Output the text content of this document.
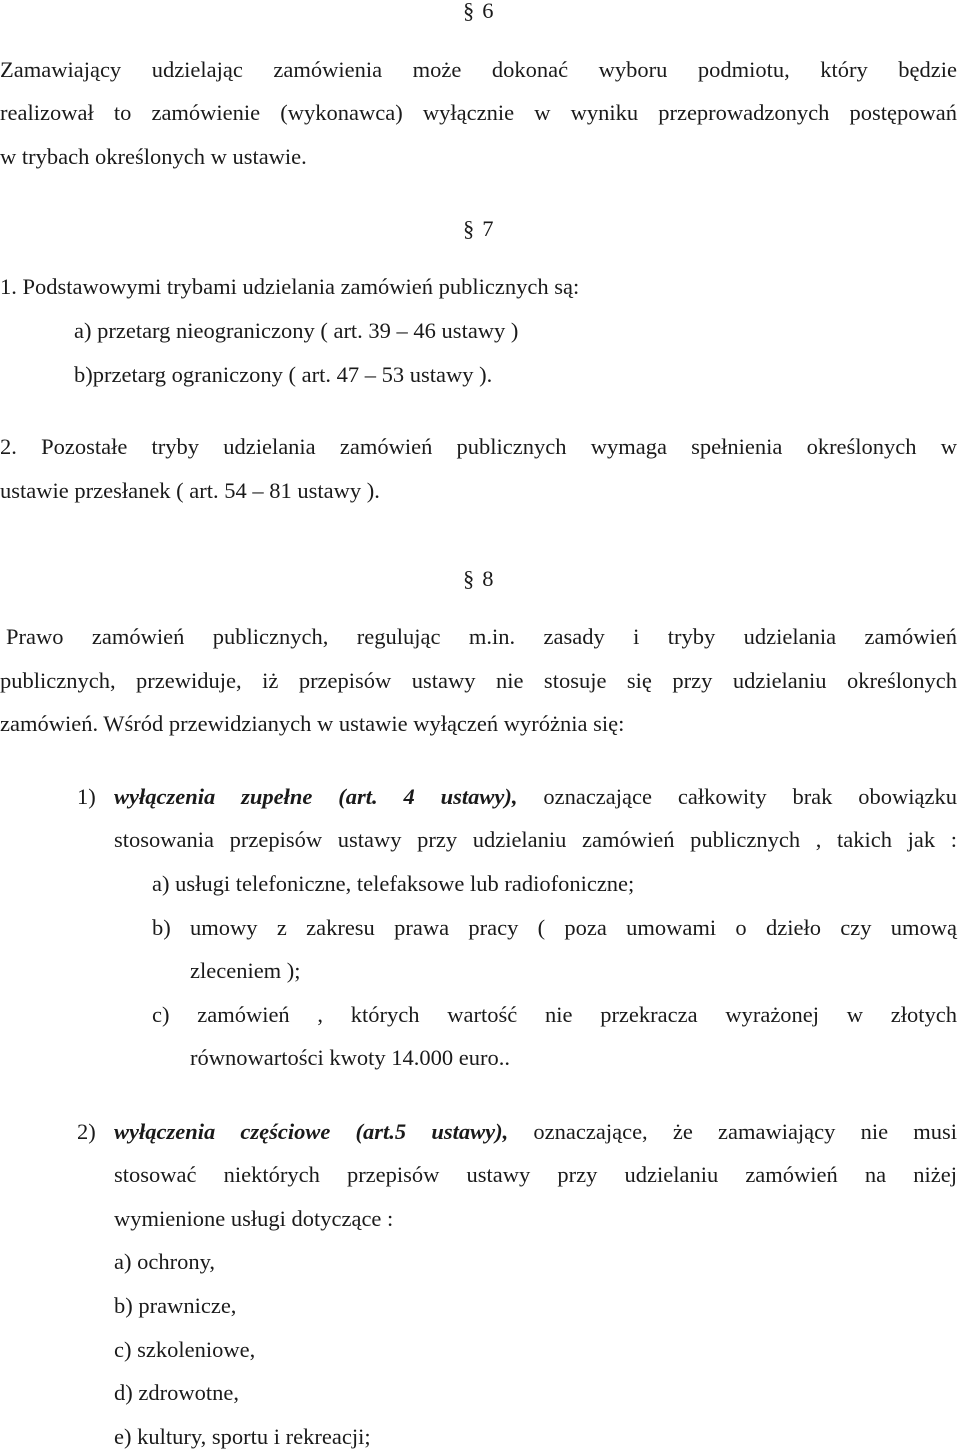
§ 6
Zamawiający udzielając zamówienia może dokonać wyboru podmiotu, który będzie
realizował to zamówienie (wykonawca) wyłącznie w wyniku przeprowadzonych postępowań
w trybach określonych w ustawie.
§ 7
1. Podstawowymi trybami udzielania zamówień publicznych są:
a) przetarg nieograniczony ( art. 39 – 46 ustawy )
b)przetarg ograniczony ( art. 47 – 53 ustawy ).
2. Pozostałe tryby udzielania zamówień publicznych wymaga spełnienia określonych w
ustawie przesłanek ( art. 54 – 81 ustawy ).
§ 8
Prawo zamówień publicznych, regulując m.in. zasady i tryby udzielania zamówień
publicznych, przewiduje, iż przepisów ustawy nie stosuje się przy udzielaniu określonych
zamówień. Wśród przewidzianych w ustawie wyłączeń wyróżnia się:
1) wyłączenia zupełne (art. 4 ustawy), oznaczające całkowity brak obowiązku
stosowania przepisów ustawy przy udzielaniu zamówień publicznych , takich jak :
a) usługi telefoniczne, telefaksowe lub radiofoniczne;
b) umowy z zakresu prawa pracy ( poza umowami o dzieło czy umową
zleceniem );
c) zamówień , których wartość nie przekracza wyrażonej w złotych
równowartości kwoty 14.000 euro..
2) wyłączenia częściowe (art.5 ustawy), oznaczające, że zamawiający nie musi
stosować niektórych przepisów ustawy przy udzielaniu zamówień na niżej
wymienione usługi dotyczące :
a) ochrony,
b) prawnicze,
c) szkoleniowe,
d) zdrowotne,
e) kultury, sportu i rekreacji;
